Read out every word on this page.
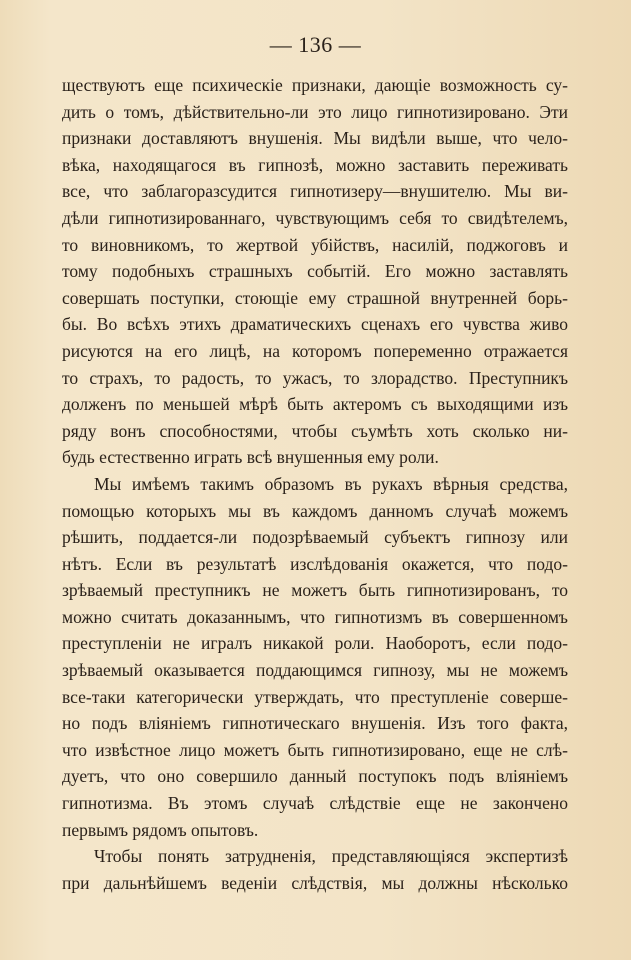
— 136 —
ществуютъ еще психическіе признаки, дающіе возможность су-
дить о томъ, дѣйствительно-ли это лицо гипнотизировано. Эти
признаки доставляютъ внушенія. Мы видѣли выше, что чело-
вѣка, находящагося въ гипнозѣ, можно заставить переживать
все, что заблагоразсудится гипнотизеру—внушителю. Мы ви-
дѣли гипнотизированнаго, чувствующимъ себя то свидѣтелемъ,
то виновникомъ, то жертвой убійствъ, насилій, поджоговъ и
тому подобныхъ страшныхъ событій. Его можно заставлять
совершать поступки, стоющіе ему страшной внутренней борь-
бы. Во всѣхъ этихъ драматическихъ сценахъ его чувства живо
рисуются на его лицѣ, на которомъ попеременно отражается
то страхъ, то радость, то ужасъ, то злорадство. Преступникъ
долженъ по меньшей мѣрѣ быть актеромъ съ выходящими изъ
ряду вонъ способностями, чтобы съумѣть хоть сколько ни-
будь естественно играть всѣ внушенныя ему роли.
Мы имѣемъ такимъ образомъ въ рукахъ вѣрныя средства,
помощью которыхъ мы въ каждомъ данномъ случаѣ можемъ
рѣшить, поддается-ли подозрѣваемый субъектъ гипнозу или
нѣтъ. Если въ результатѣ изслѣдованія окажется, что подо-
зрѣваемый преступникъ не можетъ быть гипнотизированъ, то
можно считать доказаннымъ, что гипнотизмъ въ совершенномъ
преступленіи не игралъ никакой роли. Наоборотъ, если подо-
зрѣваемый оказывается поддающимся гипнозу, мы не можемъ
все-таки категорически утверждать, что преступленіе соверше-
но подъ вліяніемъ гипнотическаго внушенія. Изъ того факта,
что извѣстное лицо можетъ быть гипнотизировано, еще не слѣ-
дуетъ, что оно совершило данный поступокъ подъ вліяніемъ
гипнотизма. Въ этомъ случаѣ слѣдствіе еще не закончено
первымъ рядомъ опытовъ.
Чтобы понять затрудненія, представляющіяся экспертизѣ
при дальнѣйшемъ веденіи слѣдствія, мы должны нѣсколько
